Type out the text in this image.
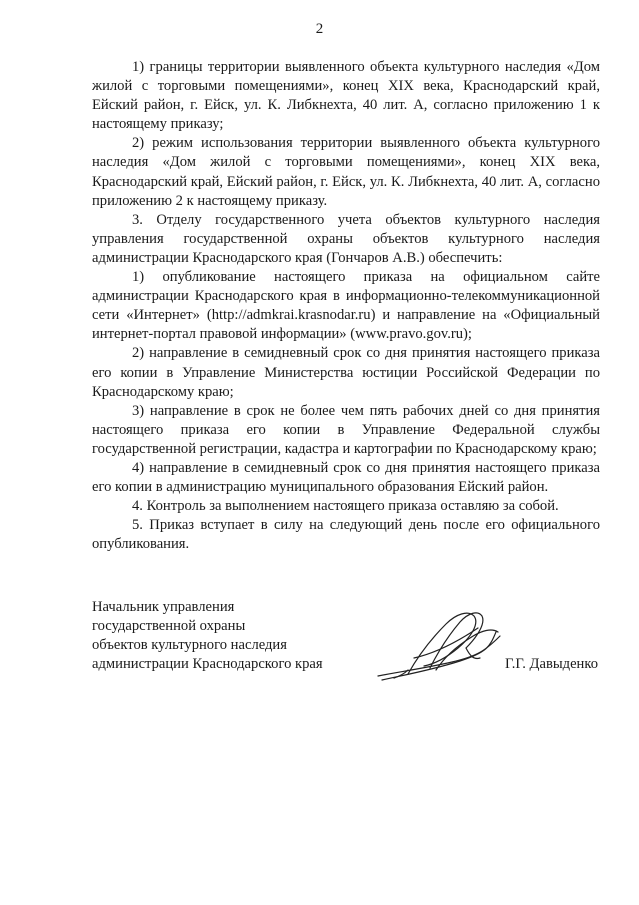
2

1) границы территории выявленного объекта культурного наследия «Дом жилой с торговыми помещениями», конец XIX века, Краснодарский край, Ейский район, г. Ейск, ул. К. Либкнехта, 40 лит. А, согласно приложению 1 к настоящему приказу;

2) режим использования территории выявленного объекта культурного наследия «Дом жилой с торговыми помещениями», конец XIX века, Краснодарский край, Ейский район, г. Ейск, ул. К. Либкнехта, 40 лит. А, согласно приложению 2 к настоящему приказу.

3. Отделу государственного учета объектов культурного наследия управления государственной охраны объектов культурного наследия администрации Краснодарского края (Гончаров А.В.) обеспечить:

1) опубликование настоящего приказа на официальном сайте администрации Краснодарского края в информационно-телекоммуникационной сети «Интернет» (http://admkrai.krasnodar.ru) и направление на «Официальный интернет-портал правовой информации» (www.pravo.gov.ru);

2) направление в семидневный срок со дня принятия настоящего приказа его копии в Управление Министерства юстиции Российской Федерации по Краснодарскому краю;

3) направление в срок не более чем пять рабочих дней со дня принятия настоящего приказа его копии в Управление Федеральной службы государственной регистрации, кадастра и картографии по Краснодарскому краю;

4) направление в семидневный срок со дня принятия настоящего приказа его копии в администрацию муниципального образования Ейский район.

4. Контроль за выполнением настоящего приказа оставляю за собой.

5. Приказ вступает в силу на следующий день после его официального опубликования.

Начальник управления
государственной охраны
объектов культурного наследия
администрации Краснодарского края	Г.Г. Давыденко
